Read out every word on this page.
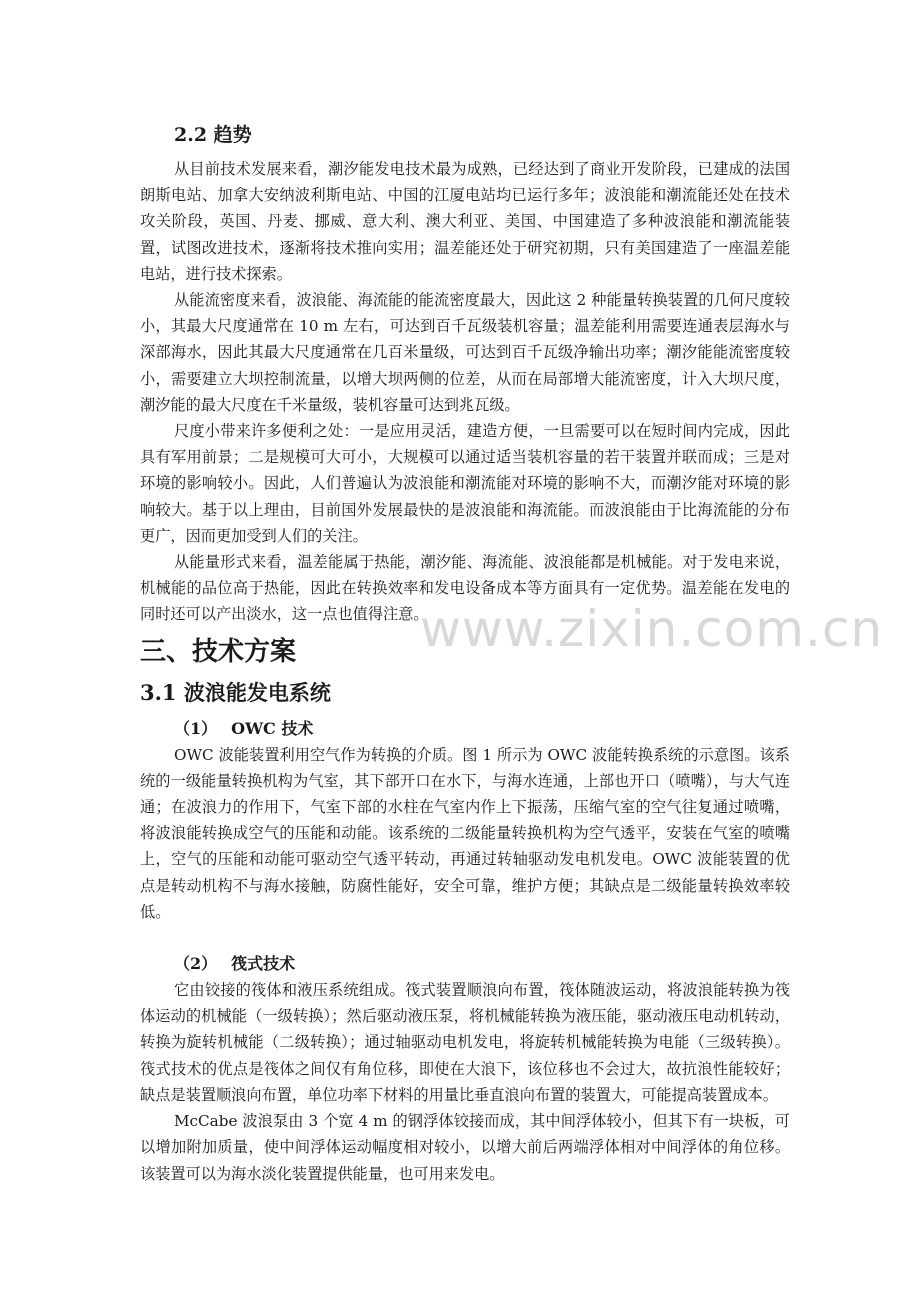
www.zixin.com.cn
2.2 趋势

从目前技术发展来看，潮汐能发电技术最为成熟，已经达到了商业开发阶段，已建成的法国朗斯电站、加拿大安纳波利斯电站、中国的江厦电站均已运行多年；波浪能和潮流能还处在技术攻关阶段，英国、丹麦、挪威、意大利、澳大利亚、美国、中国建造了多种波浪能和潮流能装置，试图改进技术，逐渐将技术推向实用；温差能还处于研究初期，只有美国建造了一座温差能电站，进行技术探索。

从能流密度来看，波浪能、海流能的能流密度最大，因此这 2 种能量转换装置的几何尺度较小，其最大尺度通常在 10 m 左右，可达到百千瓦级装机容量；温差能利用需要连通表层海水与深部海水，因此其最大尺度通常在几百米量级，可达到百千瓦级净输出功率；潮汐能能流密度较小，需要建立大坝控制流量，以增大坝两侧的位差，从而在局部增大能流密度，计入大坝尺度，潮汐能的最大尺度在千米量级，装机容量可达到兆瓦级。

尺度小带来许多便利之处：一是应用灵活，建造方便，一旦需要可以在短时间内完成，因此具有军用前景；二是规模可大可小，大规模可以通过适当装机容量的若干装置并联而成；三是对环境的影响较小。因此，人们普遍认为波浪能和潮流能对环境的影响不大，而潮汐能对环境的影响较大。基于以上理由，目前国外发展最快的是波浪能和海流能。而波浪能由于比海流能的分布更广，因而更加受到人们的关注。

从能量形式来看，温差能属于热能，潮汐能、海流能、波浪能都是机械能。对于发电来说，机械能的品位高于热能，因此在转换效率和发电设备成本等方面具有一定优势。温差能在发电的同时还可以产出淡水，这一点也值得注意。

三、技术方案
3.1 波浪能发电系统
（1） OWC 技术

OWC 波能装置利用空气作为转换的介质。图 1 所示为 OWC 波能转换系统的示意图。该系统的一级能量转换机构为气室，其下部开口在水下，与海水连通，上部也开口（喷嘴），与大气连通；在波浪力的作用下，气室下部的水柱在气室内作上下振荡，压缩气室的空气往复通过喷嘴，将波浪能转换成空气的压能和动能。该系统的二级能量转换机构为空气透平，安装在气室的喷嘴上，空气的压能和动能可驱动空气透平转动，再通过转轴驱动发电机发电。OWC 波能装置的优点是转动机构不与海水接触，防腐性能好，安全可靠，维护方便；其缺点是二级能量转换效率较低。

（2） 筏式技术

它由铰接的筏体和液压系统组成。筏式装置顺浪向布置，筏体随波运动，将波浪能转换为筏体运动的机械能（一级转换）；然后驱动液压泵，将机械能转换为液压能，驱动液压电动机转动，转换为旋转机械能（二级转换）；通过轴驱动电机发电，将旋转机械能转换为电能（三级转换）。筏式技术的优点是筏体之间仅有角位移，即使在大浪下，该位移也不会过大，故抗浪性能较好；缺点是装置顺浪向布置，单位功率下材料的用量比垂直浪向布置的装置大，可能提高装置成本。

McCabe 波浪泵由 3 个宽 4 m 的钢浮体铰接而成，其中间浮体较小，但其下有一块板，可以增加附加质量，使中间浮体运动幅度相对较小，以增大前后两端浮体相对中间浮体的角位移。该装置可以为海水淡化装置提供能量，也可用来发电。
